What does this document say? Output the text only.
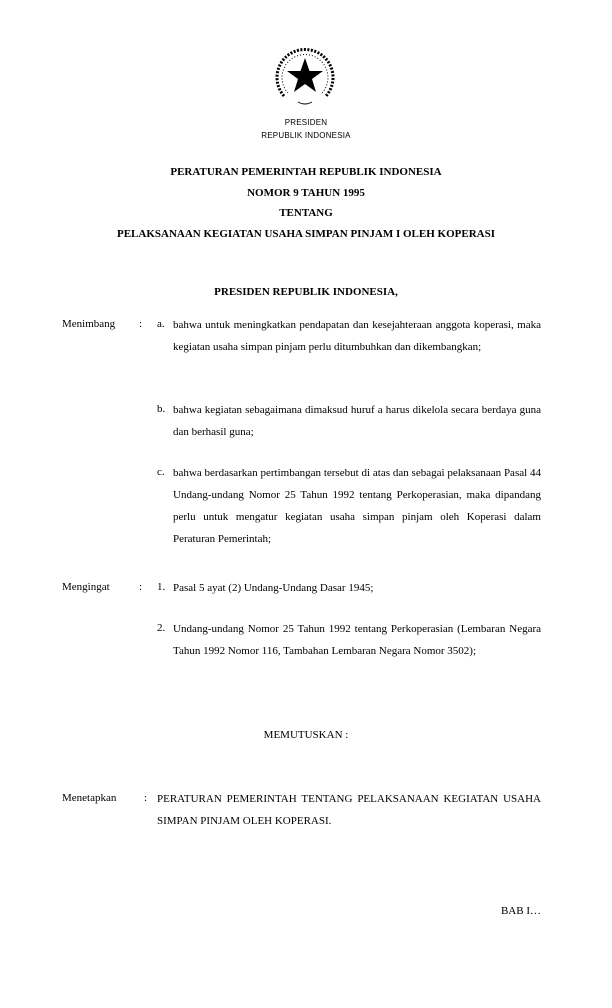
PRESIDEN
REPUBLIK INDONESIA
PERATURAN PEMERINTAH REPUBLIK INDONESIA
NOMOR 9 TAHUN 1995
TENTANG
PELAKSANAAN KEGIATAN USAHA SIMPAN PINJAM I OLEH KOPERASI
PRESIDEN REPUBLIK INDONESIA,
Menimbang : a. bahwa untuk meningkatkan pendapatan dan kesejahteraan anggota koperasi, maka kegiatan usaha simpan pinjam perlu ditumbuhkan dan dikembangkan;
b. bahwa kegiatan sebagaimana dimaksud huruf a harus dikelola secara berdaya guna dan berhasil guna;
c. bahwa berdasarkan pertimbangan tersebut di atas dan sebagai pelaksanaan Pasal 44 Undang-undang Nomor 25 Tahun 1992 tentang Perkoperasian, maka dipandang perlu untuk mengatur kegiatan usaha simpan pinjam oleh Koperasi dalam Peraturan Pemerintah;
Mengingat	: 1. Pasal 5 ayat (2) Undang-Undang Dasar 1945;
2. Undang-undang Nomor 25 Tahun 1992 tentang Perkoperasian (Lembaran Negara Tahun 1992 Nomor 116, Tambahan Lembaran Negara Nomor 3502);
MEMUTUSKAN :
Menetapkan	: PERATURAN PEMERINTAH TENTANG PELAKSANAAN KEGIATAN USAHA SIMPAN PINJAM OLEH KOPERASI.
BAB I…
